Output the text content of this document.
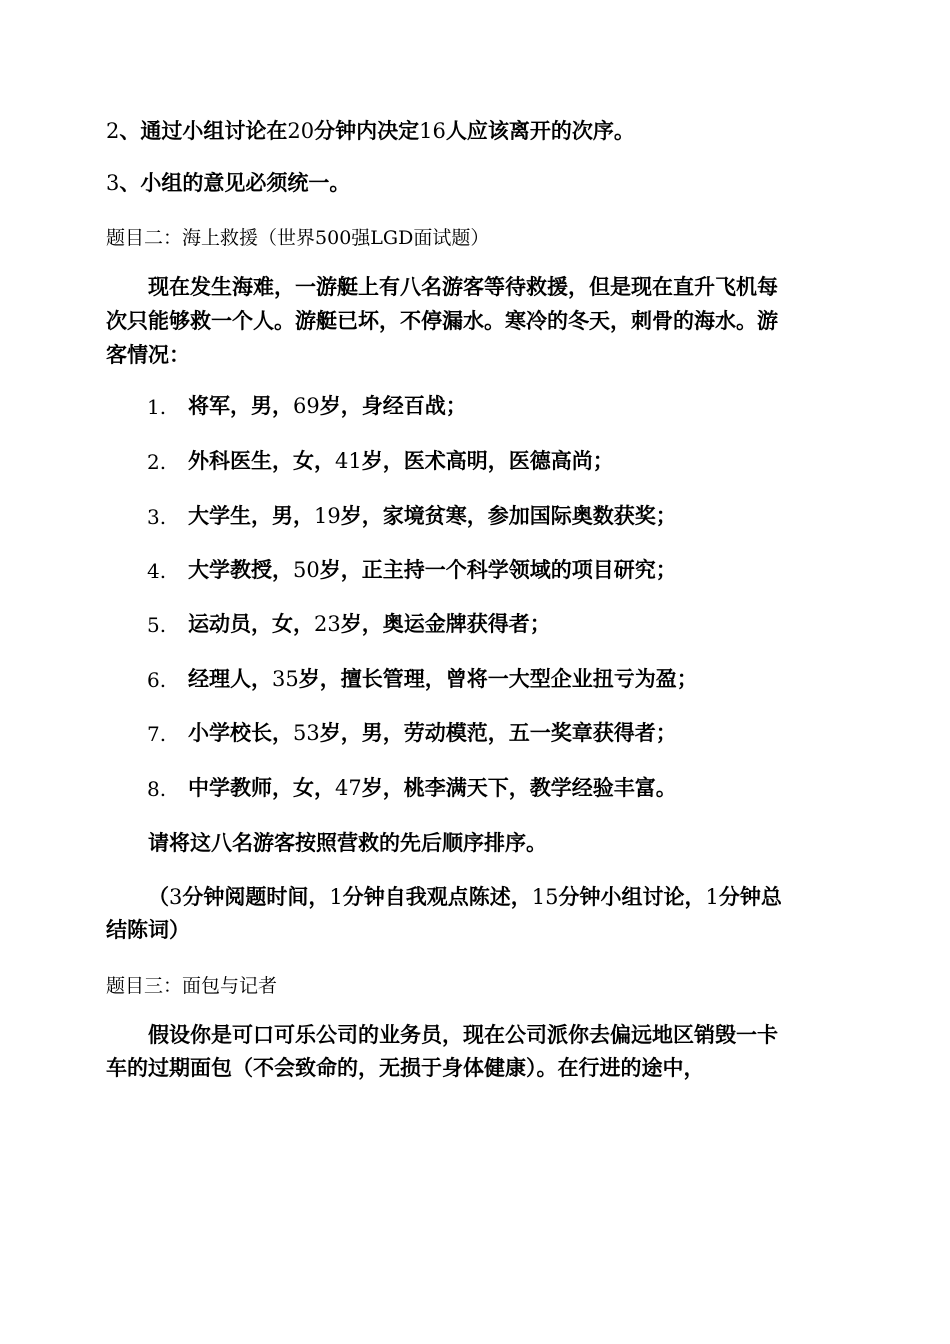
2、通过小组讨论在20分钟内决定16人应该离开的次序。
3、小组的意见必须统一。
题目二：海上救援（世界500强LGD面试题）
现在发生海难，一游艇上有八名游客等待救援，但是现在直升飞机每
次只能够救一个人。游艇已坏，不停漏水。寒冷的冬天，刺骨的海水。游
客情况：
1. 将军，男，69岁，身经百战；
2. 外科医生，女，41岁，医术高明，医德高尚；
3. 大学生，男，19岁，家境贫寒，参加国际奥数获奖；
4. 大学教授，50岁，正主持一个科学领域的项目研究；
5. 运动员，女，23岁，奥运金牌获得者；
6. 经理人，35岁，擅长管理，曾将一大型企业扭亏为盈；
7. 小学校长，53岁，男，劳动模范，五一奖章获得者；
8. 中学教师，女，47岁，桃李满天下，教学经验丰富。
请将这八名游客按照营救的先后顺序排序。
（3分钟阅题时间，1分钟自我观点陈述，15分钟小组讨论，1分钟总
结陈词）
题目三：面包与记者
假设你是可口可乐公司的业务员，现在公司派你去偏远地区销毁一卡
车的过期面包（不会致命的，无损于身体健康）。在行进的途中，
